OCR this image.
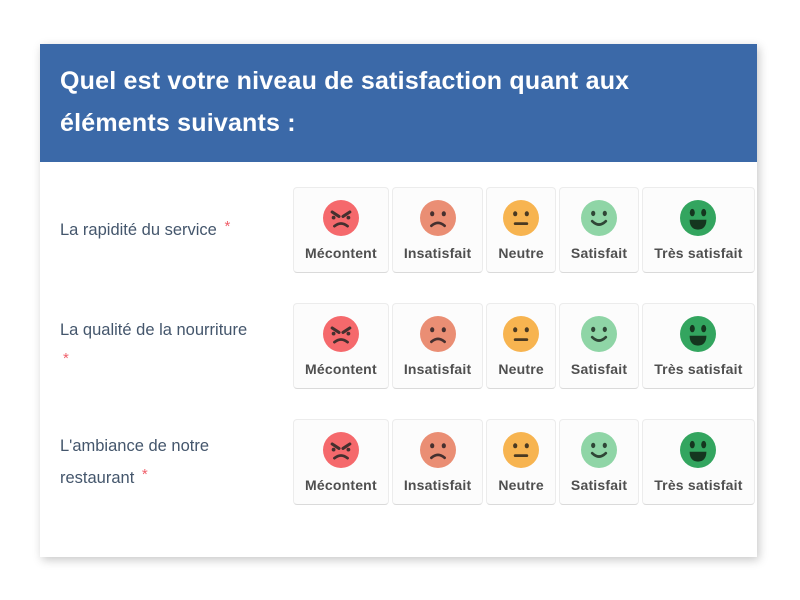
Quel est votre niveau de satisfaction quant aux éléments suivants :
La rapidité du service *
Mécontent Insatisfait Neutre Satisfait Très satisfait
La qualité de la nourriture *
Mécontent Insatisfait Neutre Satisfait Très satisfait
L'ambiance de notre restaurant *
Mécontent Insatisfait Neutre Satisfait Très satisfait
